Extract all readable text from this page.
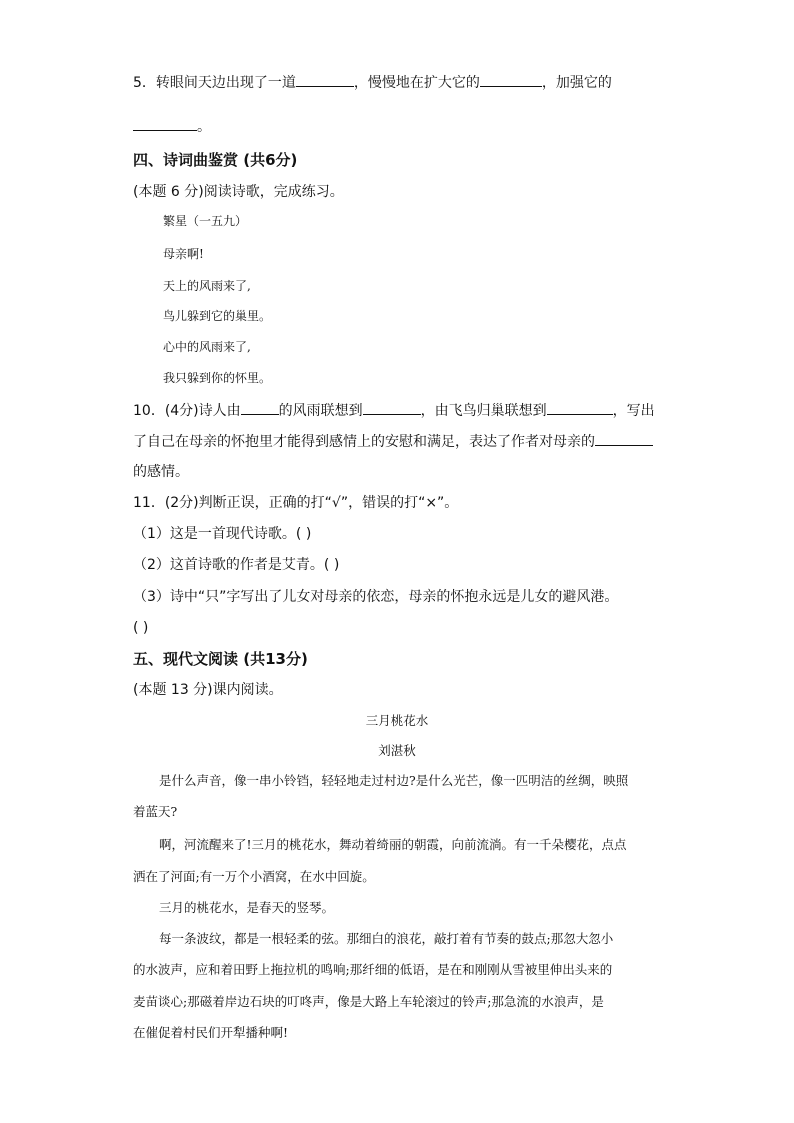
5．转眼间天边出现了一道	，慢慢地在扩大它的	，加强它的
。
四、诗词曲鉴赏 (共6分)
(本题 6 分)阅读诗歌，完成练习。
繁星（一五九）
母亲啊!
天上的风雨来了,
鸟儿躲到它的巢里。
心中的风雨来了,
我只躲到你的怀里。
10．(4分)诗人由	的风雨联想到	，由飞鸟归巢联想到	，写出
了自己在母亲的怀抱里才能得到感情上的安慰和满足，表达了作者对母亲的
的感情。
11．(2分)判断正误，正确的打“√”，错误的打“×”。
（1）这是一首现代诗歌。( )
（2）这首诗歌的作者是艾青。( )
（3）诗中“只”字写出了儿女对母亲的依恋，母亲的怀抱永远是儿女的避风港。
( )
五、现代文阅读 (共13分)
(本题 13 分)课内阅读。
三月桃花水
刘湛秋
是什么声音，像一串小铃铛，轻轻地走过村边?是什么光芒，像一匹明洁的丝绸，映照
着蓝天?
啊，河流醒来了!三月的桃花水，舞动着绮丽的朝霞，向前流淌。有一千朵樱花，点点
洒在了河面;有一万个小酒窝，在水中回旋。
三月的桃花水，是春天的竖琴。
每一条波纹，都是一根轻柔的弦。那细白的浪花，敲打着有节奏的鼓点;那忽大忽小
的水波声，应和着田野上拖拉机的鸣响;那纤细的低语，是在和刚刚从雪被里伸出头来的
麦苗谈心;那磁着岸边石块的叮咚声，像是大路上车轮滚过的铃声;那急流的水浪声，是
在催促着村民们开犁播种啊!
